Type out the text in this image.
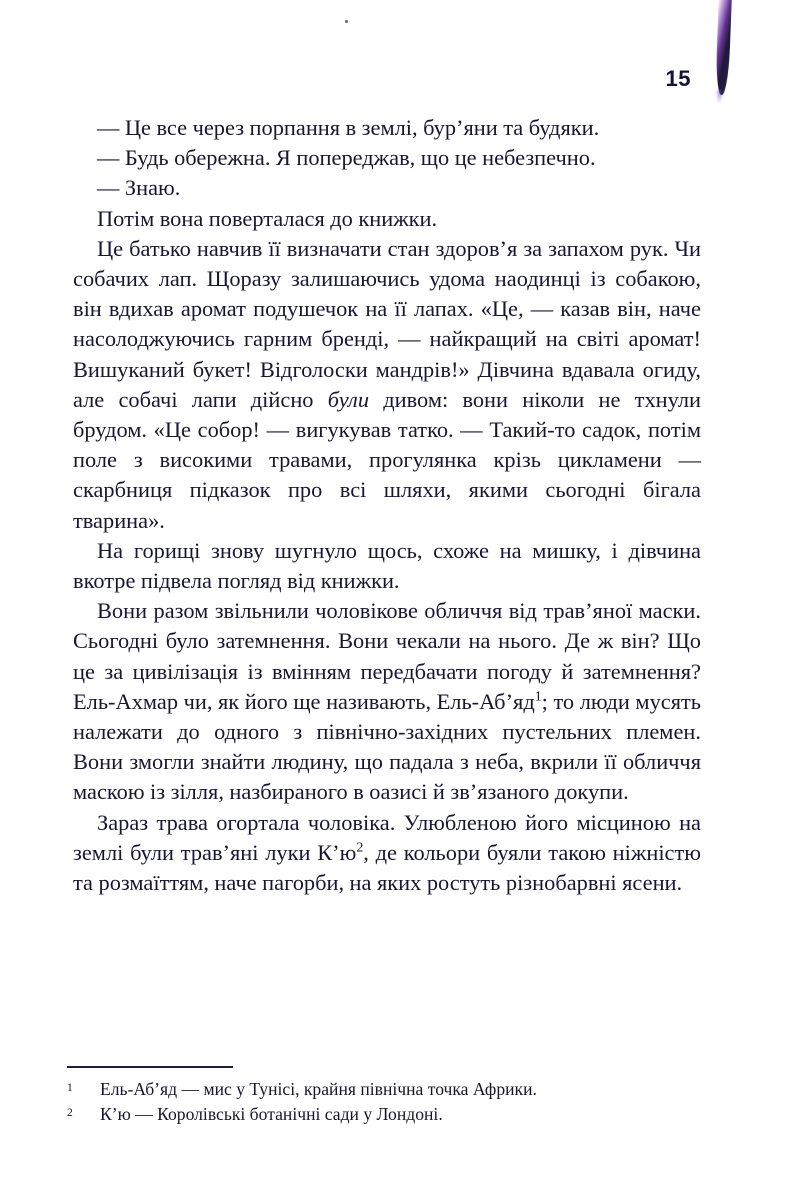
15

— Це все через порпання в землі, бур’яни та будяки.

— Будь обережна. Я попереджав, що це небезпечно.

— Знаю.

Потім вона поверталася до книжки.

Це батько навчив її визначати стан здоров’я за запахом рук. Чи собачих лап. Щоразу залишаючись удома наодинці із собакою, він вдихав аромат подушечок на її лапах. «Це, — казав він, наче насолоджуючись гарним бренді, — найкращий на світі аромат! Вишуканий букет! Відголоски мандрів!» Дівчина вдавала огиду, але собачі лапи дійсно були дивом: вони ніколи не тхнули брудом. «Це собор! — вигукував татко. — Такий-то садок, потім поле з високими травами, прогулянка крізь цикламени — скарбниця підказок про всі шляхи, якими сьогодні бігала тварина».

На горищі знову шугнуло щось, схоже на мишку, і дівчина вкотре підвела погляд від книжки.

Вони разом звільнили чоловікове обличчя від трав’яної маски. Сьогодні було затемнення. Вони чекали на нього. Де ж він? Що це за цивілізація із вмінням передбачати погоду й затемнення? Ель-Ахмар чи, як його ще називають, Ель-Аб’яд$^1$; то люди мусять належати до одного з північно-західних пустельних племен. Вони змогли знайти людину, що падала з неба, вкрили її обличчя маскою із зілля, назбираного в оазисі й зв’язаного докупи.

Зараз трава огортала чоловіка. Улюбленою його місциною на землі були трав’яні луки К’ю$^2$, де кольори буяли такою ніжністю та розмаїттям, наче пагорби, на яких ростуть різнобарвні ясени.

1	Ель-Аб’яд — мис у Тунісі, крайня північна точка Африки.
2	К’ю — Королівські ботанічні сади у Лондоні.
